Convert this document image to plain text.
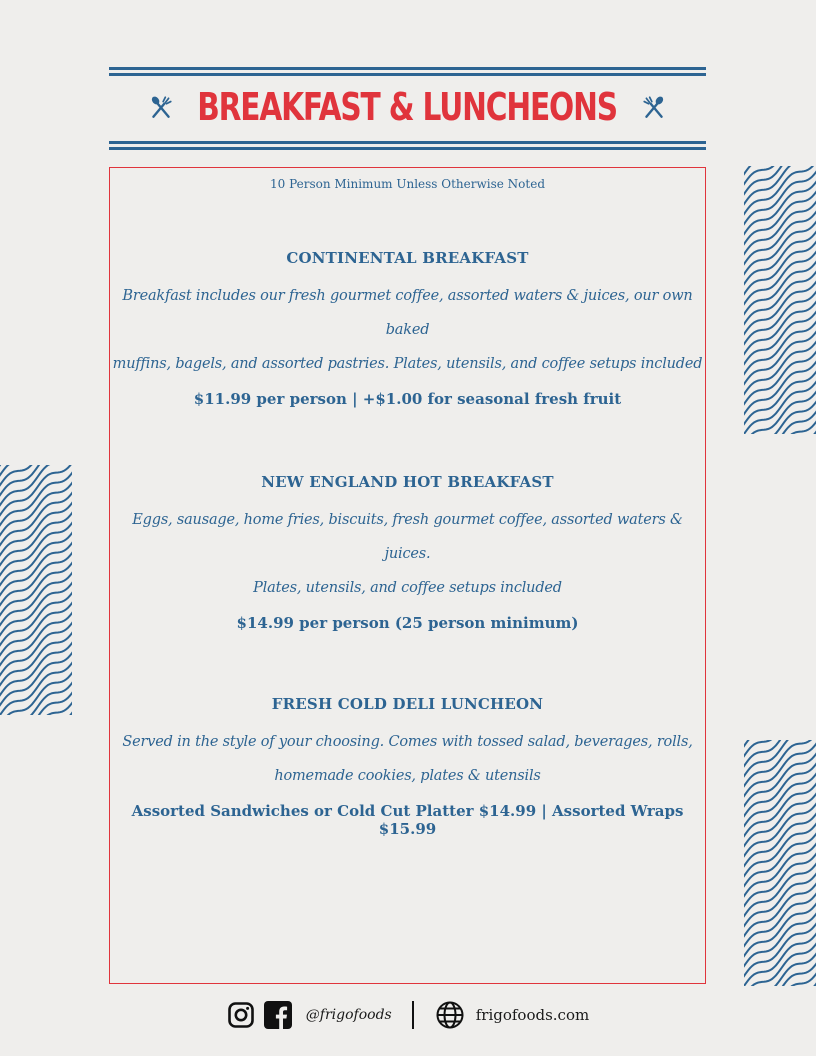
BREAKFAST & LUNCHEONS
10 Person Minimum Unless Otherwise Noted
CONTINENTAL BREAKFAST
Breakfast includes our fresh gourmet coffee, assorted waters & juices, our own baked
muffins, bagels, and assorted pastries. Plates, utensils, and coffee setups included
$11.99 per person | +$1.00 for seasonal fresh fruit
NEW ENGLAND HOT BREAKFAST
Eggs, sausage, home fries, biscuits, fresh gourmet coffee, assorted waters & juices.
Plates, utensils, and coffee setups included
$14.99 per person (25 person minimum)
FRESH COLD DELI LUNCHEON
Served in the style of your choosing. Comes with tossed salad, beverages, rolls,
homemade cookies, plates & utensils
Assorted Sandwiches or Cold Cut Platter $14.99 | Assorted Wraps $15.99
@frigofoods	frigofoods.com
